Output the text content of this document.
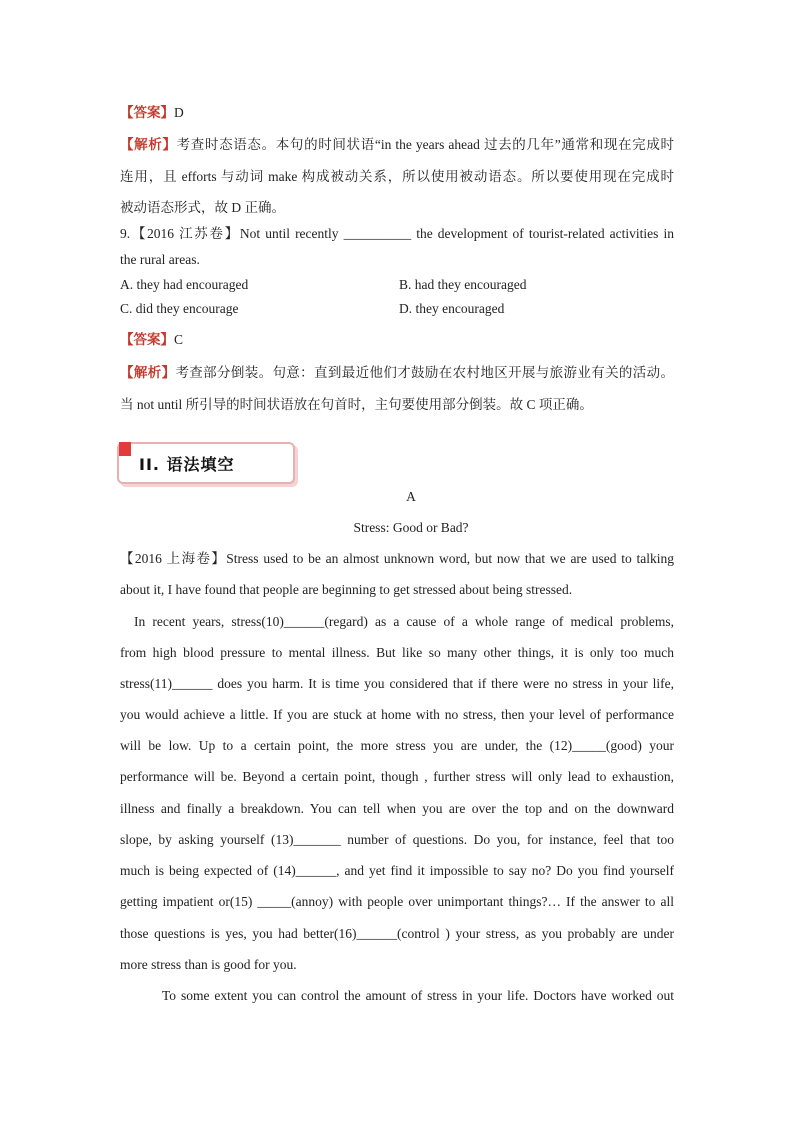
【答案】D
【解析】考查时态语态。本句的时间状语“in the years ahead 过去的几年”通常和现在完成时
连用，且 efforts 与动词 make 构成被动关系，所以使用被动语态。所以要使用现在完成时
被动语态形式，故 D 正确。
9.【2016 江苏卷】Not until recently __________ the development of tourist-related activities in
the rural areas.
A. they had encouraged	B. had they encouraged
C. did they encourage	D. they encouraged
【答案】C
【解析】考查部分倒装。句意：直到最近他们才鼓励在农村地区开展与旅游业有关的活动。
当 not until 所引导的时间状语放在句首时，主句要使用部分倒装。故 C 项正确。
II. 语法填空
A
Stress: Good or Bad?
【2016 上海卷】Stress used to be an almost unknown word, but now that we are used to talking
about it, I have found that people are beginning to get stressed about being stressed.
In recent years, stress(10)______(regard) as a cause of a whole range of medical problems,
from high blood pressure to mental illness. But like so many other things, it is only too much
stress(11)______ does you harm. It is time you considered that if there were no stress in your life,
you would achieve a little. If you are stuck at home with no stress, then your level of performance
will be low. Up to a certain point, the more stress you are under, the (12)_____(good) your
performance will be. Beyond a certain point, though , further stress will only lead to exhaustion,
illness and finally a breakdown. You can tell when you are over the top and on the downward
slope, by asking yourself (13)_______ number of questions. Do you, for instance, feel that too
much is being expected of (14)______, and yet find it impossible to say no? Do you find yourself
getting impatient or(15) _____(annoy) with people over unimportant things?… If the answer to all
those questions is yes, you had better(16)______(control ) your stress, as you probably are under
more stress than is good for you.
To some extent you can control the amount of stress in your life. Doctors have worked out
